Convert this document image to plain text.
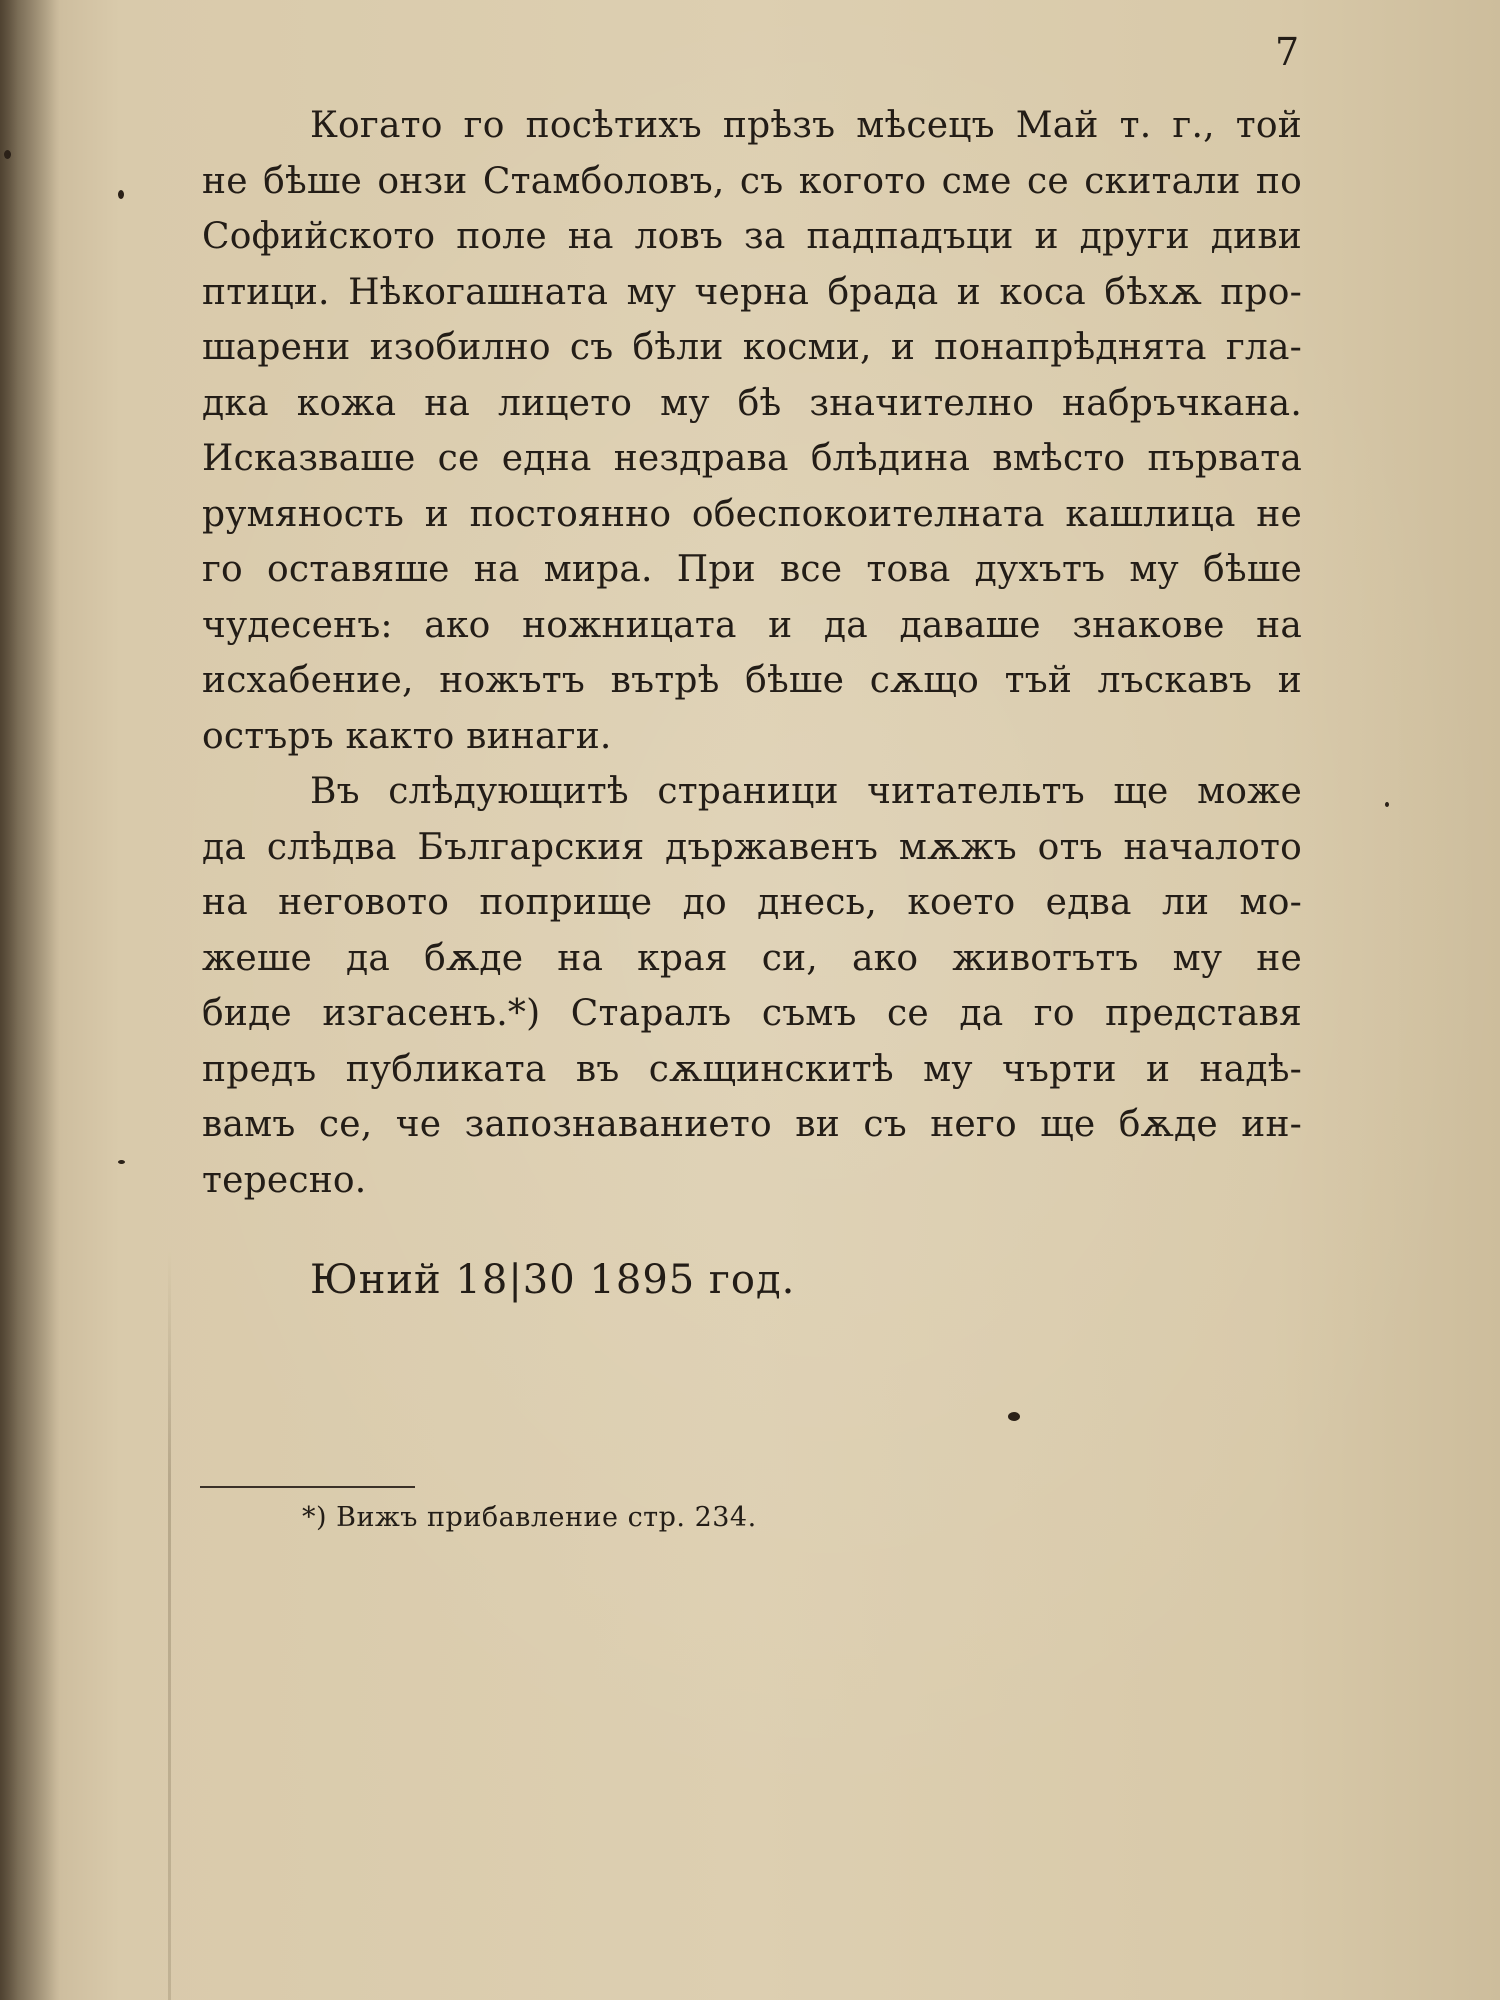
7
Когато го посѣтихъ прѣзъ мѣсецъ Май т. г., той
не бѣше онзи Стамболовъ, съ когото сме се скитали по
Софийското поле на ловъ за падпадъци и други диви
птици. Нѣкогашната му черна брада и коса бѣхѫ про-
шарени изобилно съ бѣли косми, и понапрѣднята гла-
дка кожа на лицето му бѣ значително набръчкана.
Исказваше се една нездрава блѣдина вмѣсто първата
румяность и постоянно обеспокоителната кашлица не
го оставяше на мира. При все това духътъ му бѣше
чудесенъ: ако ножницата и да даваше знакове на
исхабение, ножътъ вътрѣ бѣше сѫщо тъй лъскавъ и
остъръ както винаги.
Въ слѣдующитѣ страници читательтъ ще може
да слѣдва Българския държавенъ мѫжъ отъ началото
на неговото поприще до днесь, което едва ли мо-
жеше да бѫде на края си, ако животътъ му не
биде изгасенъ.*) Старалъ съмъ се да го представя
предъ публиката въ сѫщинскитѣ му чърти и надѣ-
вамъ се, че запознаванието ви съ него ще бѫде ин-
тересно.
Юний 18|30 1895 год.
*) Вижъ прибавление стр. 234.
